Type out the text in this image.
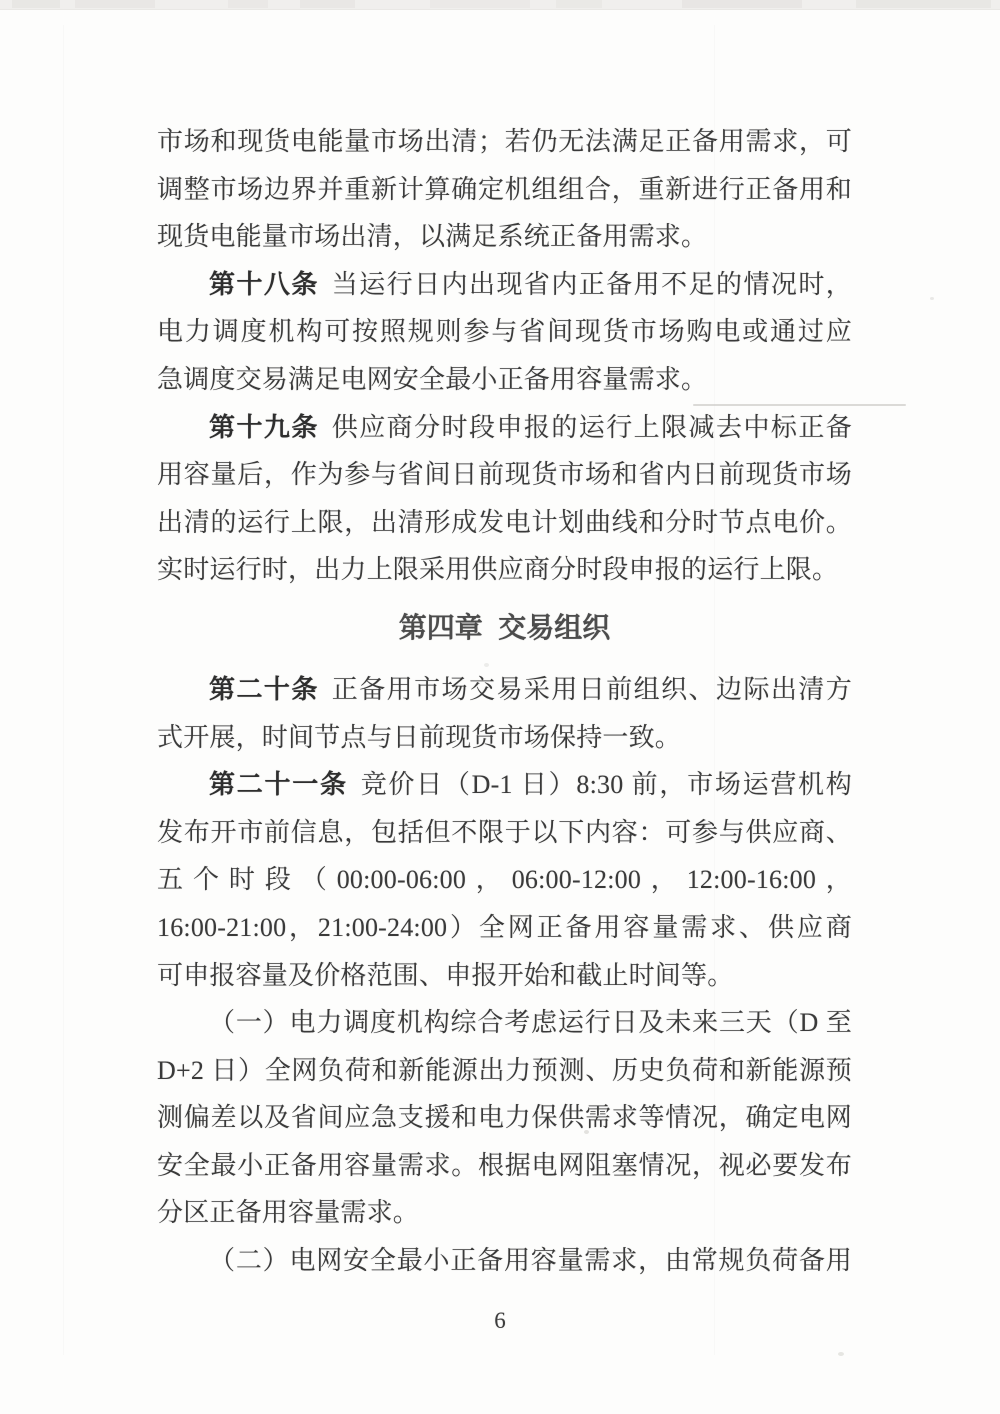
市场和现货电能量市场出清；若仍无法满足正备用需求，可
调整市场边界并重新计算确定机组组合，重新进行正备用和
现货电能量市场出清，以满足系统正备用需求。
第十八条 当运行日内出现省内正备用不足的情况时，
电力调度机构可按照规则参与省间现货市场购电或通过应
急调度交易满足电网安全最小正备用容量需求。
第十九条 供应商分时段申报的运行上限减去中标正备
用容量后，作为参与省间日前现货市场和省内日前现货市场
出清的运行上限，出清形成发电计划曲线和分时节点电价。
实时运行时，出力上限采用供应商分时段申报的运行上限。
第四章  交易组织
第二十条 正备用市场交易采用日前组织、边际出清方
式开展，时间节点与日前现货市场保持一致。
第二十一条 竞价日（D-1 日）8:30 前，市场运营机构
发布开市前信息，包括但不限于以下内容：可参与供应商、
五个时段（00:00-06:00，06:00-12:00，12:00-16:00，
16:00-21:00，21:00-24:00）全网正备用容量需求、供应商
可申报容量及价格范围、申报开始和截止时间等。
（一）电力调度机构综合考虑运行日及未来三天（D 至
D+2 日）全网负荷和新能源出力预测、历史负荷和新能源预
测偏差以及省间应急支援和电力保供需求等情况，确定电网
安全最小正备用容量需求。根据电网阻塞情况，视必要发布
分区正备用容量需求。
（二）电网安全最小正备用容量需求，由常规负荷备用
6
